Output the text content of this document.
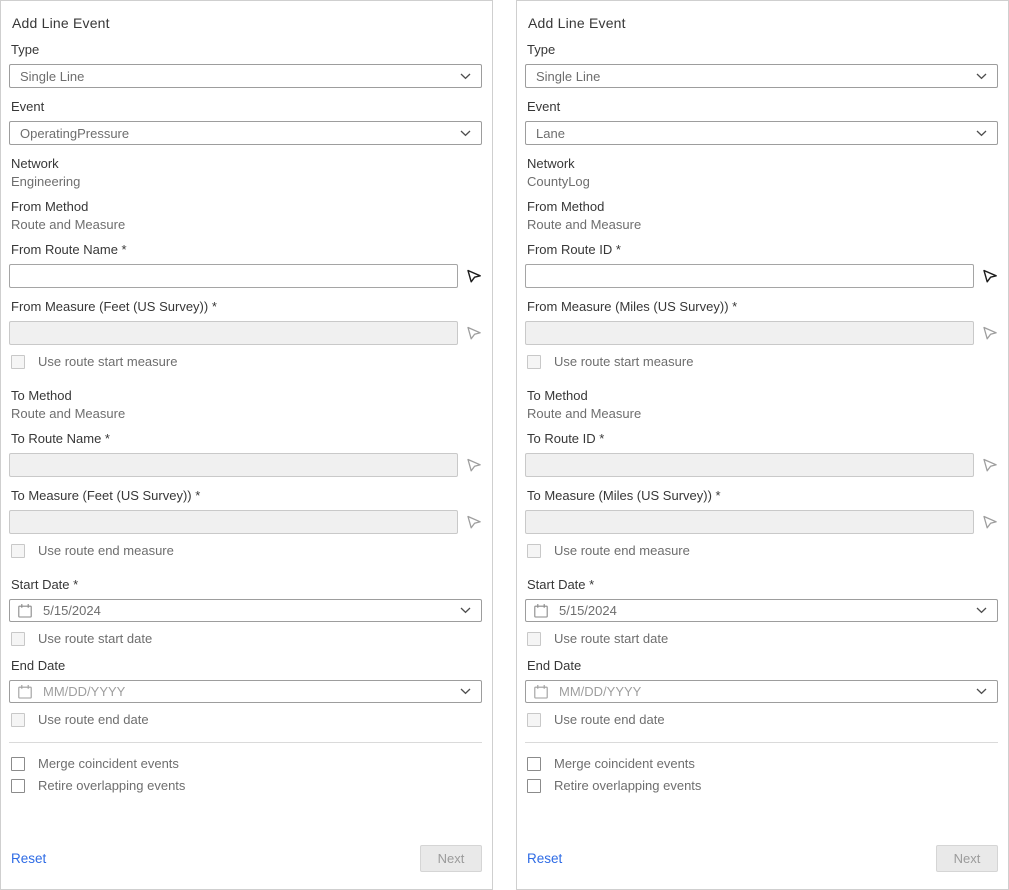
Add Line Event
Type
Single Line
Event
OperatingPressure
Network
Engineering
From Method
Route and Measure
From Route Name *
From Measure (Feet (US Survey)) *
Use route start measure
To Method
Route and Measure
To Route Name *
To Measure (Feet (US Survey)) *
Use route end measure
Start Date *
5/15/2024
Use route start date
End Date
MM/DD/YYYY
Use route end date
Merge coincident events
Retire overlapping events
Reset	Next
Add Line Event
Type
Single Line
Event
Lane
Network
CountyLog
From Method
Route and Measure
From Route ID *
From Measure (Miles (US Survey)) *
Use route start measure
To Method
Route and Measure
To Route ID *
To Measure (Miles (US Survey)) *
Use route end measure
Start Date *
5/15/2024
Use route start date
End Date
MM/DD/YYYY
Use route end date
Merge coincident events
Retire overlapping events
Reset	Next
